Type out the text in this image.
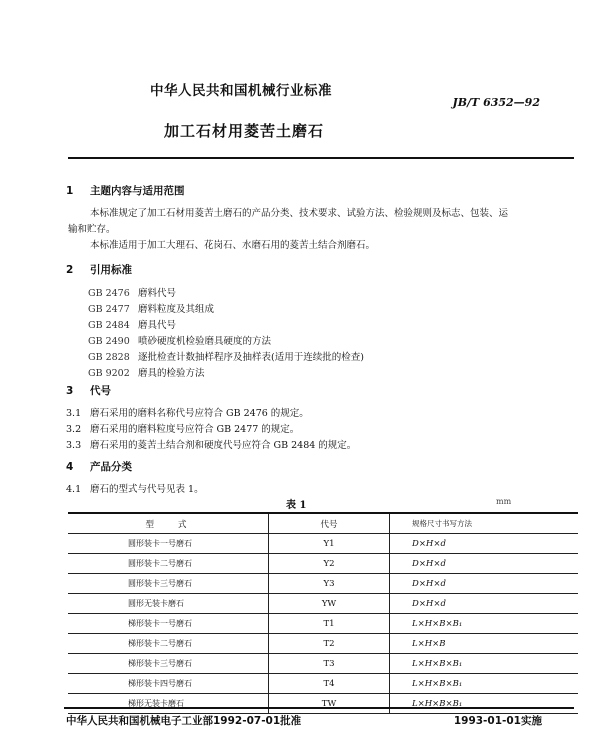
中华人民共和国机械行业标准
JB/T 6352—92
加工石材用菱苦土磨石
1 主题内容与适用范围
本标准规定了加工石材用菱苦土磨石的产品分类、技术要求、试验方法、检验规则及标志、包装、运
输和贮存。
本标准适用于加工大理石、花岗石、水磨石用的菱苦土结合剂磨石。
2 引用标准
GB 2476 磨料代号
GB 2477 磨料粒度及其组成
GB 2484 磨具代号
GB 2490 喷砂硬度机检验磨具硬度的方法
GB 2828 逐批检查计数抽样程序及抽样表(适用于连续批的检查)
GB 9202 磨具的检验方法
3 代号
3.1 磨石采用的磨料名称代号应符合 GB 2476 的规定。
3.2 磨石采用的磨料粒度号应符合 GB 2477 的规定。
3.3 磨石采用的菱苦土结合剂和硬度代号应符合 GB 2484 的规定。
4 产品分类
4.1 磨石的型式与代号见表 1。
表 1	mm
型式	代号	规格尺寸书写方法
圆形装卡一号磨石	Y1	D×H×d
圆形装卡二号磨石	Y2	D×H×d
圆形装卡三号磨石	Y3	D×H×d
圆形无装卡磨石	YW	D×H×d
梯形装卡一号磨石	T1	L×H×B×B₁
梯形装卡二号磨石	T2	L×H×B
梯形装卡三号磨石	T3	L×H×B×B₁
梯形装卡四号磨石	T4	L×H×B×B₁
梯形无装卡磨石	TW	L×H×B×B₁
中华人民共和国机械电子工业部1992-07-01批准	1993-01-01实施
